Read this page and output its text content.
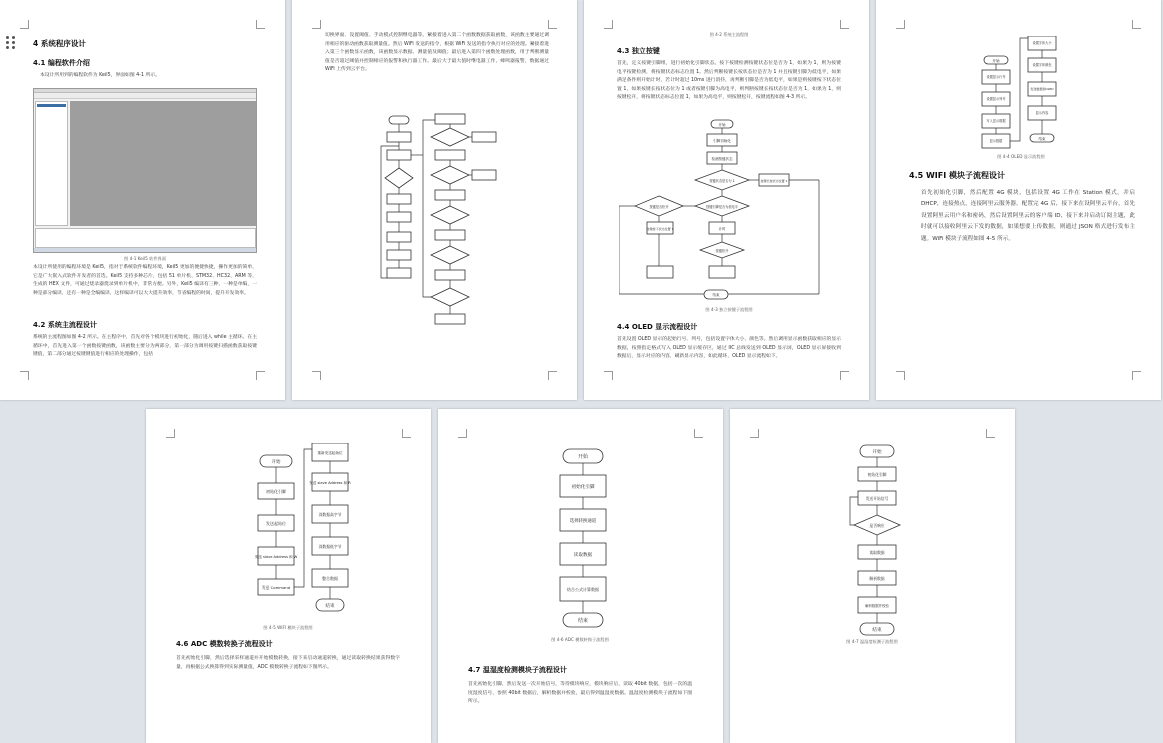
4 系统程序设计
4.1 编程软件介绍
本设计所用到的编程软件为 Keil5，界面如图 4-1 所示。
图 4-1 Keil5 软件界面
本设计所使用的编程环境是 Keil5，指对于系统软件编程环境，Keil5 更加的便捷快捷，操作更加的简单，它是广大嵌入式软件开发者的首选。Keil5 支持多种芯片，包括 51 单片机、STM32、HC32、ARM 等，生成的 HEX 文件，可通过烧录器烧录到单片机中，非常方便。另外，Keil5 编译有三种，一种是单编，一种是部分编译，还有一种是全编编译，这样编译可以大大提升效率，节省编程的时间，提升开发效率。
4.2 系统主流程设计
系统的主流程图如图 4-2 所示。在主程序中，首先对各个模块进行初始化，随后进入 while 主循环。在主循环中，首先进入第一个函数按键函数，该函数主要分为两部分，第一部分为调用按键扫描函数获取按键键值，第二部分通过按键键值进行相应的处理操作，包括
切换界面、设置阈值、手动模式控制继电器等。紧接着进入第二个函数数据获取函数，该函数主要通过调用相应的驱动函数获取测量值。然后 WiFi 发送的指令，根据 WiFi 发送的指令执行对应的处理。紧接着进入第三个函数显示函数，该函数显示数据、测量值及阈值；最后进入第四个函数处理函数，用于判断测量值是否超过阈值并控制相应的报警和执行器工作。最后大于最大值时继电器工作，蜂鸣器报警，数据通过 WiFi 上传到云平台。
图 4-2 系统主流程图
4.3 独立按键
首先，定义按键引脚组，进行初始化引脚状态。按下按键检测按键状态位是否为 1，如果为 1，则为按键电平按键检测，将按键状态标志位置 1。然后判断按键长按状态位是否为 1 并且按键引脚为低电平，如果满足条件则开始计时，若计时超过 10ms 进行消抖，再判断引脚是否为低电平，如果是则按键按下状态位置 1，如果按键长按状态位为 1 或者按键引脚为高电平，则判断按键长按状态位是否为 1，如果为 1，则按键松开，将按键状态标志位置 1，如果为高电平，则按键松开，按键流程如图 4-3 所示。
开始
引脚初始化
检测按键状态
按键状态是否为 1	按键长按状态位置 1
按键引脚是否为低电平
按键是否松开
按键按下状态位置 1	计时
按键松开
结束
图 4-3 独立按键子流程图
4.4 OLED 显示流程设计
首先设置 OLED 显示的起始行号、列号，包括设置字体大小、颜色等。然后调用显示函数获取相应的显示数据，按照指定格式写入 OLED 显示缓存区，通过 IIC 总线发送到 OLED 显示屏，OLED 显示屏接收到数据后，显示对应的内容，刷新显示内容，如此循环，OLED 显示流程如下。
开始
设置显示行号
设置显示列号
写入显示数据
显示数据
设置字体大小
设置字体颜色
发送数据到OLED
显示内容
结束
图 4-4 OLED 显示流程图
4.5 WIFI 模块子流程设计
首先初始化引脚，然后配置 4G 模块，包括设置 4G 工作在 Station 模式，并启 DHCP，连接热点，连接阿里云服务器。配置完 4G 后，接下来在设阿里云平台，首先设置阿里云用户名和密码，然后设置阿里云的客户端 ID，接下来并启动订阅主题，此时就可以接收阿里云下发的数据，如果想要上传数据，则通过 JSON 格式进行发布主题。WiFi 模块子流程如图 4-5 所示。
开始
初始化引脚
发送起始位
发送 slave Address 和 W
发送 Command
重新发送起始位
发送 slave Address 和 R
读数据高字节
读数据低字节
整合数据
结束
图 4-5 WIFI 模块子流程图
4.6 ADC 模数转换子流程设计
首先初始化引脚，然后选择采样通道并开始模数转换，接下来启动通道转换，通过读取转换结果获得数字量，再根据公式换算得到实际测量值，ADC 模数转换子流程如下图所示。
开始
初始化引脚
选择转换通道
读取数据
结合公式计算数据
结束
图 4-6 ADC 模数转换子流程图
4.7 温湿度检测模块子流程设计
首先初始化引脚，然后发送一次开始信号，等待模块响应，模块响应后，读取 40bit 数据，包括一次的温度湿度信号，参照 40bit 数据后，解析数据并校验，最后得到温湿度数据。温湿度检测模块子流程如下图所示。
开始
初始化引脚
发送开始信号
是否响应
读取数据
解析数据
解析数据并校验
结束
图 4-7 温湿度检测子流程图
